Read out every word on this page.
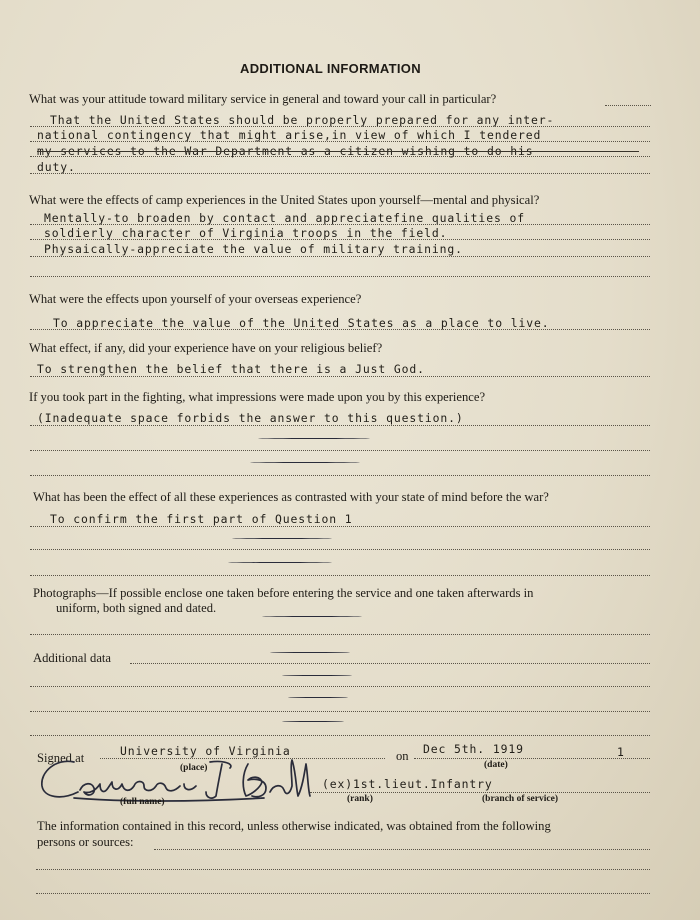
ADDITIONAL INFORMATION
What was your attitude toward military service in general and toward your call in particular?
That the United States should be properly prepared for any inter-
national contingency that might arise,in view of which I tendered
my services to the War Department as a citizen wishing to do his
duty.
What were the effects of camp experiences in the United States upon yourself—mental and physical?
Mentally-to broaden by contact and appreciatefine qualities of
soldierly character of Virginia troops in the field.
Physaically-appreciate the value of military training.
What were the effects upon yourself of your overseas experience?
To appreciate the value of the United States as a place to live.
What effect, if any, did your experience have on your religious belief?
To strengthen the belief that there is a Just God.
If you took part in the fighting, what impressions were made upon you by this experience?
(Inadequate space forbids the answer to this question.)
What has been the effect of all these experiences as contrasted with your state of mind before the war?
To confirm the first part of Question 1
Photographs—If possible enclose one taken before entering the service and one taken afterwards in
uniform, both signed and dated.
Additional data
Signed at	University of Virginia	on Dec 5th. 1919	1
(place)	(date)
(ex)1st.lieut.Infantry
(full name)	(rank)	(branch of service)
The information contained in this record, unless otherwise indicated, was obtained from the following
persons or sources:
